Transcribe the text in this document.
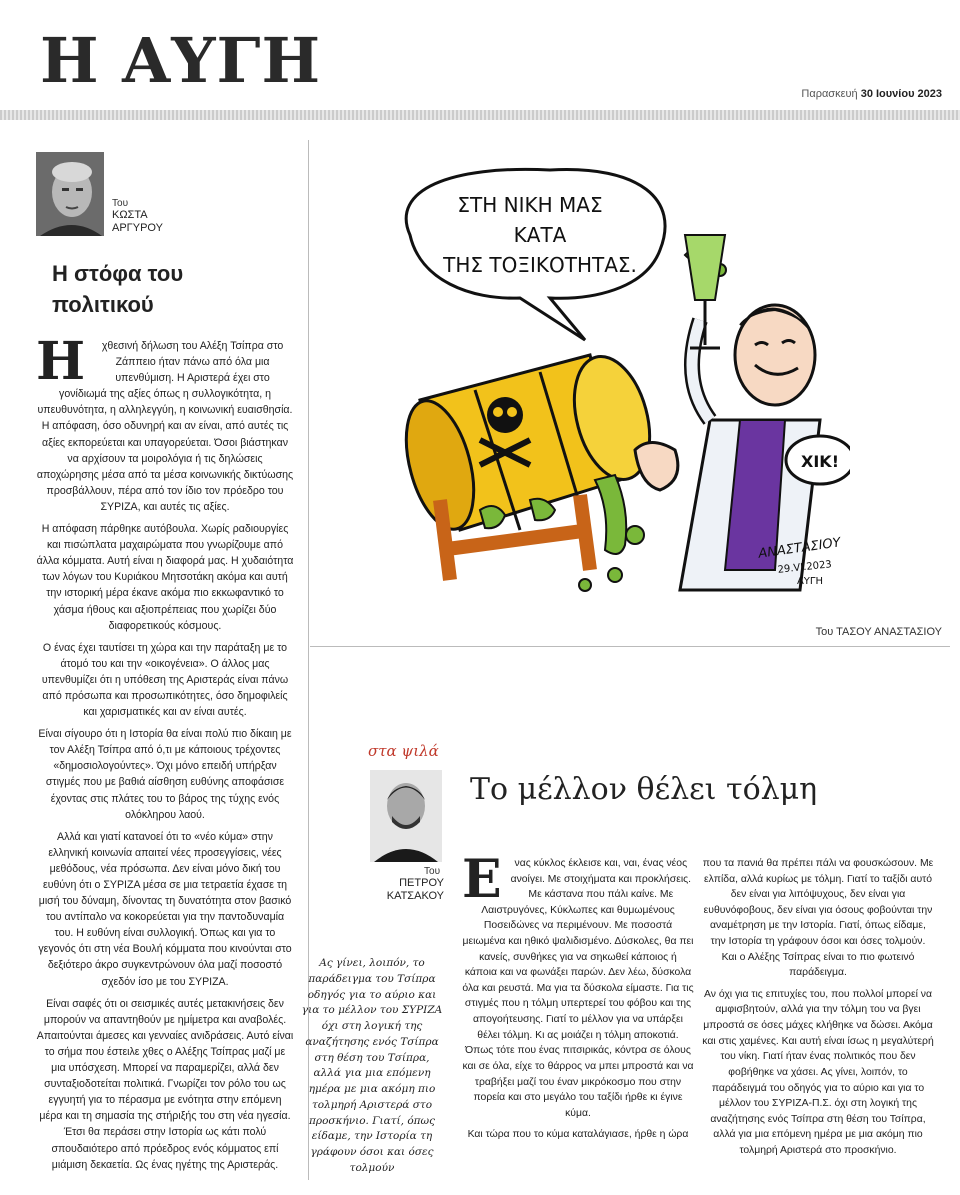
Η ΑΥΓΗ	Παρασκευή 30 Ιουνίου 2023
Του
ΚΩΣΤΑ ΑΡΓΥΡΟΥ
Η στόφα του πολιτικού

Η χθεσινή δήλωση του Αλέξη Τσίπρα στο Ζάππειο ήταν πάνω από όλα μια υπενθύμιση. Η Αριστερά έχει στο γονίδιωμά της αξίες όπως η συλλογικότητα, η υπευθυνότητα, η αλληλεγγύη, η κοινωνική ευαισθησία. Η απόφαση, όσο οδυνηρή και αν είναι, από αυτές τις αξίες εκπορεύεται και υπαγορεύεται. Όσοι βιάστηκαν να αρχίσουν τα μοιρολόγια ή τις δηλώσεις αποχώρησης μέσα από τα μέσα κοινωνικής δικτύωσης προσβάλλουν, πέρα από τον ίδιο τον πρόεδρο του ΣΥΡΙΖΑ, και αυτές τις αξίες.

Η απόφαση πάρθηκε αυτόβουλα. Χωρίς ραδιουργίες και πισώπλατα μαχαιρώματα που γνωρίζουμε από άλλα κόμματα. Αυτή είναι η διαφορά μας. Η χυδαιότητα των λόγων του Κυριάκου Μητσοτάκη ακόμα και αυτή την ιστορική μέρα έκανε ακόμα πιο εκκωφαντικό το χάσμα ήθους και αξιοπρέπειας που χωρίζει δύο διαφορετικούς κόσμους.

Ο ένας έχει ταυτίσει τη χώρα και την παράταξη με το άτομό του και την «οικογένεια». Ο άλλος μας υπενθυμίζει ότι η υπόθεση της Αριστεράς είναι πάνω από πρόσωπα και προσωπικότητες, όσο δημοφιλείς και χαρισματικές και αν είναι αυτές.

Είναι σίγουρο ότι η Ιστορία θα είναι πολύ πιο δίκαιη με τον Αλέξη Τσίπρα από ό,τι με κάποιους τρέχοντες «δημοσιολογούντες». Όχι μόνο επειδή υπήρξαν στιγμές που με βαθιά αίσθηση ευθύνης αποφάσισε έχοντας στις πλάτες του το βάρος της τύχης ενός ολόκληρου λαού.

Αλλά και γιατί κατανοεί ότι το «νέο κύμα» στην ελληνική κοινωνία απαιτεί νέες προσεγγίσεις, νέες μεθόδους, νέα πρόσωπα. Δεν είναι μόνο δική του ευθύνη ότι ο ΣΥΡΙΖΑ μέσα σε μια τετραετία έχασε τη μισή του δύναμη, δίνοντας τη δυνατότητα στον βασικό του αντίπαλο να κοκορεύεται για την παντοδυναμία του. Η ευθύνη είναι συλλογική. Όπως και για το γεγονός ότι στη νέα Βουλή κόμματα που κινούνται στο δεξιότερο άκρο συγκεντρώνουν όλα μαζί ποσοστό σχεδόν ίσο με του ΣΥΡΙΖΑ.

Είναι σαφές ότι οι σεισμικές αυτές μετακινήσεις δεν μπορούν να απαντηθούν με ημίμετρα και αναβολές. Απαιτούνται άμεσες και γενναίες ανιδράσεις. Αυτό είναι το σήμα που έστειλε χθες ο Αλέξης Τσίπρας μαζί με μια υπόσχεση. Μπορεί να παραμερίζει, αλλά δεν συνταξιοδοτείται πολιτικά. Γνωρίζει τον ρόλο του ως εγγυητή για το πέρασμα με ενότητα στην επόμενη μέρα και τη σημασία της στήριξής του στη νέα ηγεσία. Έτσι θα περάσει στην Ιστορία ως κάτι πολύ σπουδαιότερο από πρόεδρος ενός κόμματος επί μιάμιση δεκαετία. Ως ένας ηγέτης της Αριστεράς.

ΧΙΚ!
ΣΤΗ ΝΙΚΗ ΜΑΣ
ΚΑΤΑ
ΤΗΣ ΤΟΞΙΚΟΤΗΤΑΣ.
ΑΝΑΣΤΑΣΙΟΥ
29.VI.2023
ΑΥΓΗ
Του ΤΑΣΟΥ ΑΝΑΣΤΑΣΙΟΥ
στα ψιλά
Το μέλλον θέλει τόλμη
Του
ΠΕΤΡΟΥ ΚΑΤΣΑΚΟΥ
Ας γίνει, λοιπόν, το παράδειγμα του Τσίπρα οδηγός για το αύριο και για το μέλλον του ΣΥΡΙΖΑ όχι στη λογική της αναζήτησης ενός Τσίπρα στη θέση του Τσίπρα, αλλά για μια επόμενη ημέρα με μια ακόμη πιο τολμηρή Αριστερά στο προσκήνιο. Γιατί, όπως είδαμε, την Ιστορία τη γράφουν όσοι και όσες τολμούν

Ε νας κύκλος έκλεισε και, ναι, ένας νέος ανοίγει. Με στοιχήματα και προκλήσεις. Με κάστανα που πάλι καίνε. Με Λαιστρυγόνες, Κύκλωπες και θυμωμένους Ποσειδώνες να περιμένουν. Με ποσοστά μειωμένα και ηθικό ψαλιδισμένο. Δύσκολες, θα πει κανείς, συνθήκες για να σηκωθεί κάποιος ή κάποια και να φωνάξει παρών. Δεν λέω, δύσκολα όλα και ρευστά. Μα για τα δύσκολα είμαστε. Για τις στιγμές που η τόλμη υπερτερεί του φόβου και της απογοήτευσης. Γιατί το μέλλον για να υπάρξει θέλει τόλμη. Κι ας μοιάζει η τόλμη αποκοτιά. Όπως τότε που ένας πιτσιρικάς, κόντρα σε όλους και σε όλα, είχε το θάρρος να μπει μπροστά και να τραβήξει μαζί του έναν μικρόκοσμο που στην πορεία και στο μεγάλο του ταξίδι ήρθε κι έγινε κύμα.

Και τώρα που το κύμα καταλάγιασε, ήρθε η ώρα

που τα πανιά θα πρέπει πάλι να φουσκώσουν. Με ελπίδα, αλλά κυρίως με τόλμη. Γιατί το ταξίδι αυτό δεν είναι για λιπόψυχους, δεν είναι για ευθυνόφοβους, δεν είναι για όσους φοβούνται την αναμέτρηση με την Ιστορία. Γιατί, όπως είδαμε, την Ιστορία τη γράφουν όσοι και όσες τολμούν. Και ο Αλέξης Τσίπρας είναι το πιο φωτεινό παράδειγμα.

Αν όχι για τις επιτυχίες του, που πολλοί μπορεί να αμφισβητούν, αλλά για την τόλμη του να βγει μπροστά σε όσες μάχες κλήθηκε να δώσει. Ακόμα και στις χαμένες. Και αυτή είναι ίσως η μεγαλύτερή του νίκη. Γιατί ήταν ένας πολιτικός που δεν φοβήθηκε να χάσει. Ας γίνει, λοιπόν, το παράδειγμά του οδηγός για το αύριο και για το μέλλον του ΣΥΡΙΖΑ-Π.Σ. όχι στη λογική της αναζήτησης ενός Τσίπρα στη θέση του Τσίπρα, αλλά για μια επόμενη ημέρα με μια ακόμη πιο τολμηρή Αριστερά στο προσκήνιο.
